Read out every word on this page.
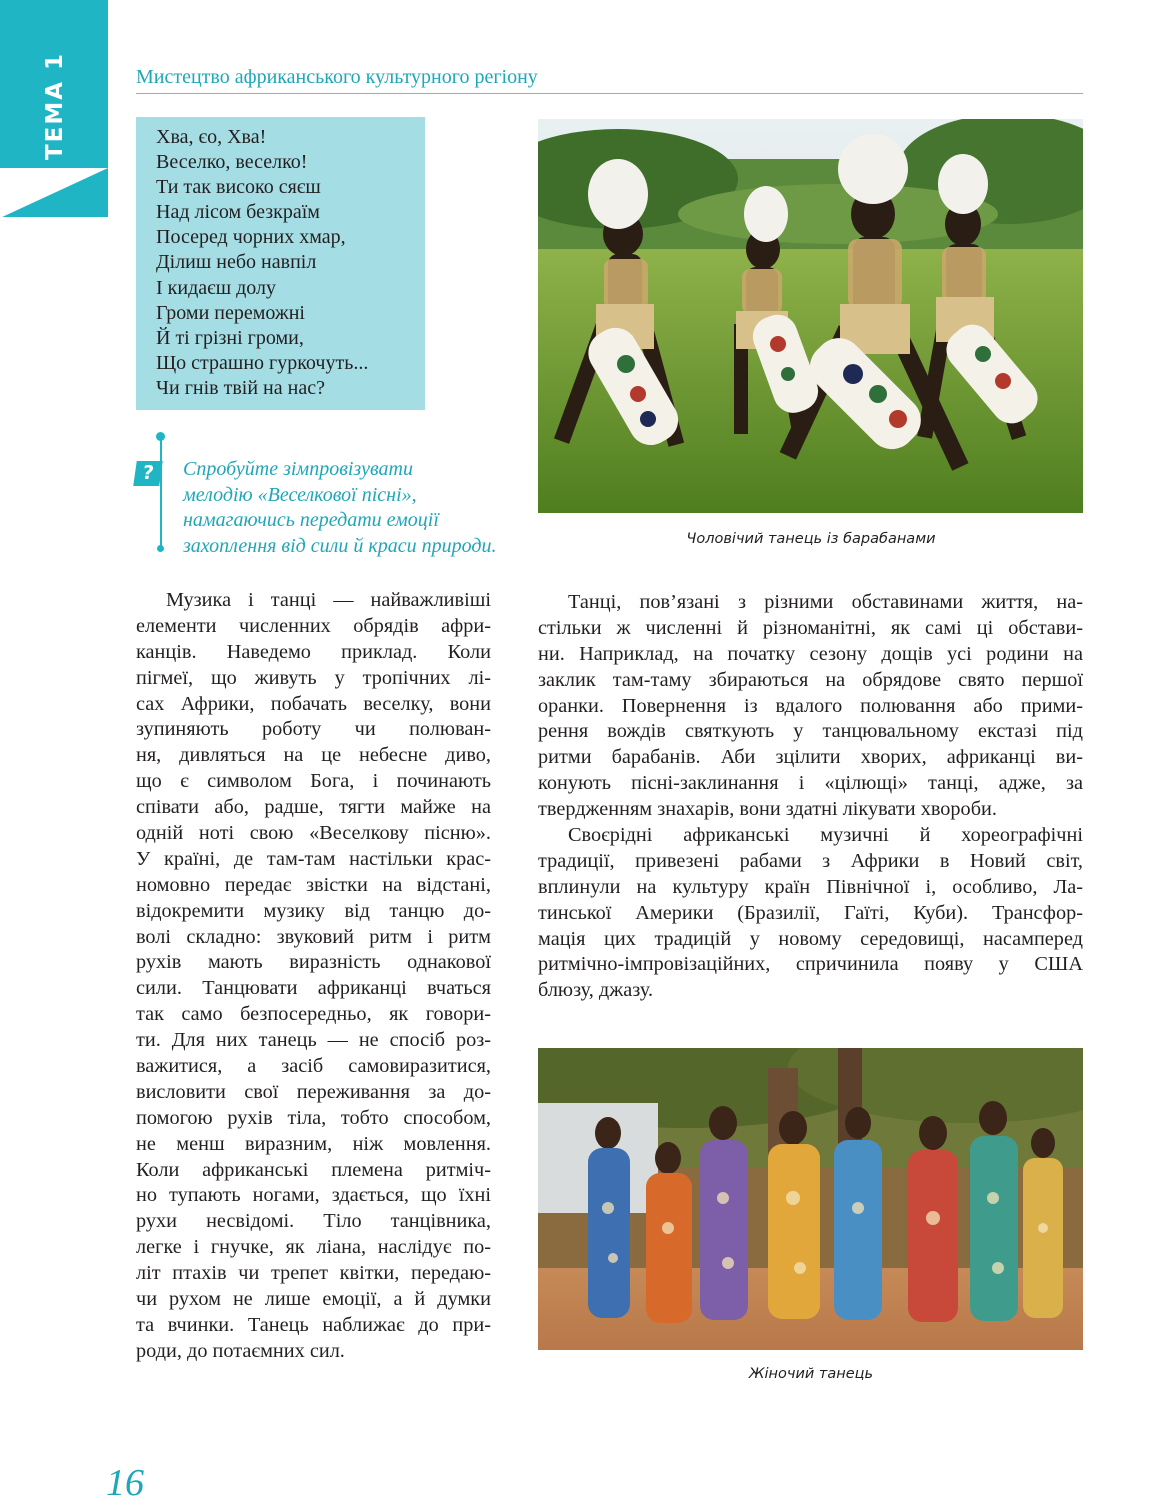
ТЕМА 1	Мистецтво африканського культурного регіону
Хва, єо, Хва!
Веселко, веселко!
Ти так високо сяєш
Над лісом безкраїм
Посеред чорних хмар,
Ділиш небо навпіл
І кидаєш долу
Громи переможні
Й ті грізні громи,
Що страшно гуркочуть...
Чи гнів твій на нас?
?	Спробуйте зімпровізувати
мелодію «Веселкової пісні»,
намагаючись передати емоції
захоплення від сили й краси природи.	Чоловічий танець із барабанами
Жіночий танець
Музика і танці — найважливіші
елементи численних обрядів афри-
канців. Наведемо приклад. Коли
пігмеї, що живуть у тропічних лі-
сах Африки, побачать веселку, вони
зупиняють роботу чи полюван-
ня, дивляться на це небесне диво,
що є символом Бога, і починають
співати або, радше, тягти майже на
одній ноті свою «Веселкову пісню».
У країні, де там-там настільки крас-
номовно передає звістки на відстані,
відокремити музику від танцю до-
волі складно: звуковий ритм і ритм
рухів мають виразність однакової
сили. Танцювати африканці вчаться
так само безпосередньо, як говори-
ти. Для них танець — не спосіб роз-
важитися, а засіб самовиразитися,
висловити свої переживання за до-
помогою рухів тіла, тобто способом,
не менш виразним, ніж мовлення.
Коли африканські племена ритміч-
но тупають ногами, здається, що їхні
рухи несвідомі. Тіло танцівника,
легке і гнучке, як ліана, наслідує по-
літ птахів чи трепет квітки, передаю-
чи рухом не лише емоції, а й думки
та вчинки. Танець наближає до при-
роди, до потаємних сил.
Танці, пов’язані з різними обставинами життя, на-
стільки ж численні й різноманітні, як самі ці обстави-
ни. Наприклад, на початку сезону дощів усі родини на
заклик там-таму збираються на обрядове свято першої
оранки. Повернення із вдалого полювання або прими-
рення вождів святкують у танцювальному екстазі під
ритми барабанів. Аби зцілити хворих, африканці ви-
конують пісні-заклинання і «цілющі» танці, адже, за
твердженням знахарів, вони здатні лікувати хвороби.
Своєрідні африканські музичні й хореографічні
традиції, привезені рабами з Африки в Новий світ,
вплинули на культуру країн Північної і, особливо, Ла-
тинської Америки (Бразилії, Гаїті, Куби). Трансфор-
мація цих традицій у новому середовищі, насамперед
ритмічно-імпровізаційних, спричинила появу у США
блюзу, джазу.
16
